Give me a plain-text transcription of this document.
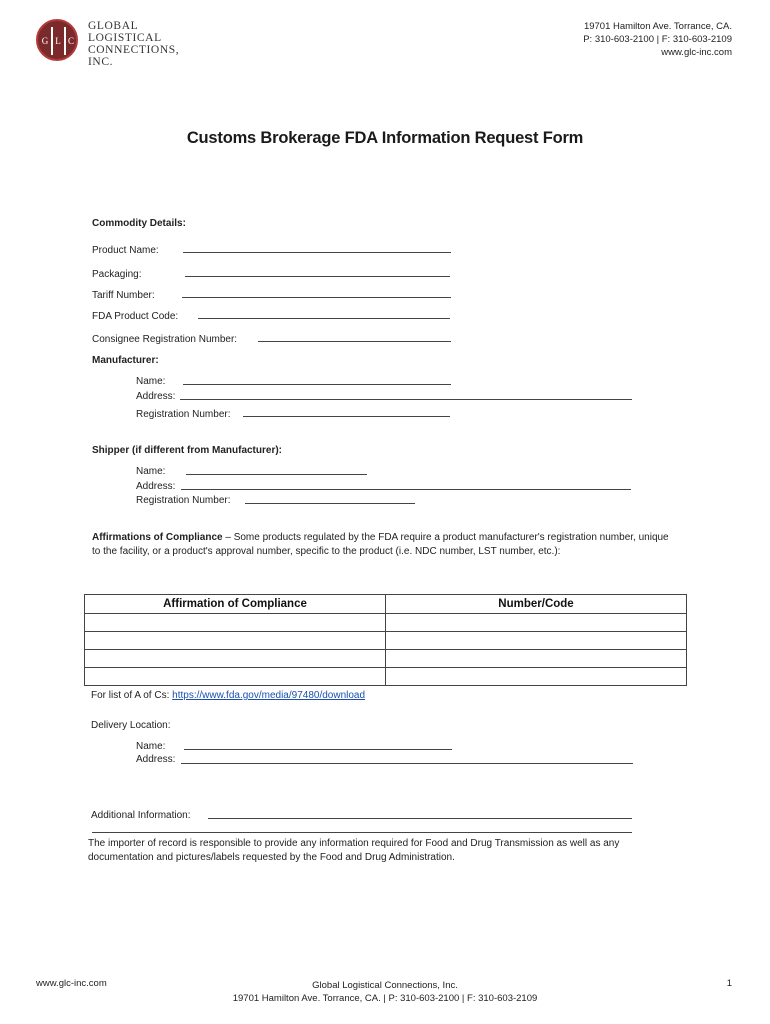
G L C
GLOBAL
LOGISTICAL
CONNECTIONS, INC.
19701 Hamilton Ave. Torrance, CA.
P: 310-603-2100 | F: 310-603-2109
www.glc-inc.com
Customs Brokerage FDA Information Request Form
Commodity Details:
Product Name:
Packaging:
Tariff Number:
FDA Product Code:
Consignee Registration Number:
Manufacturer:
Name:
Address:
Registration Number:
Shipper (if different from Manufacturer):
Name:
Address:
Registration Number:
Affirmations of Compliance – Some products regulated by the FDA require a product manufacturer's registration number, unique to the facility, or a product's approval number, specific to the product (i.e. NDC number, LST number, etc.):
Affirmation of Compliance	Number/Code

For list of A of Cs: https://www.fda.gov/media/97480/download
Delivery Location:
Name:
Address:
Additional Information:
The importer of record is responsible to provide any information required for Food and Drug Transmission as well as any documentation and pictures/labels requested by the Food and Drug Administration.
www.glc-inc.com	Global Logistical Connections, Inc.
19701 Hamilton Ave. Torrance, CA. | P: 310-603-2100 | F: 310-603-2109
1
